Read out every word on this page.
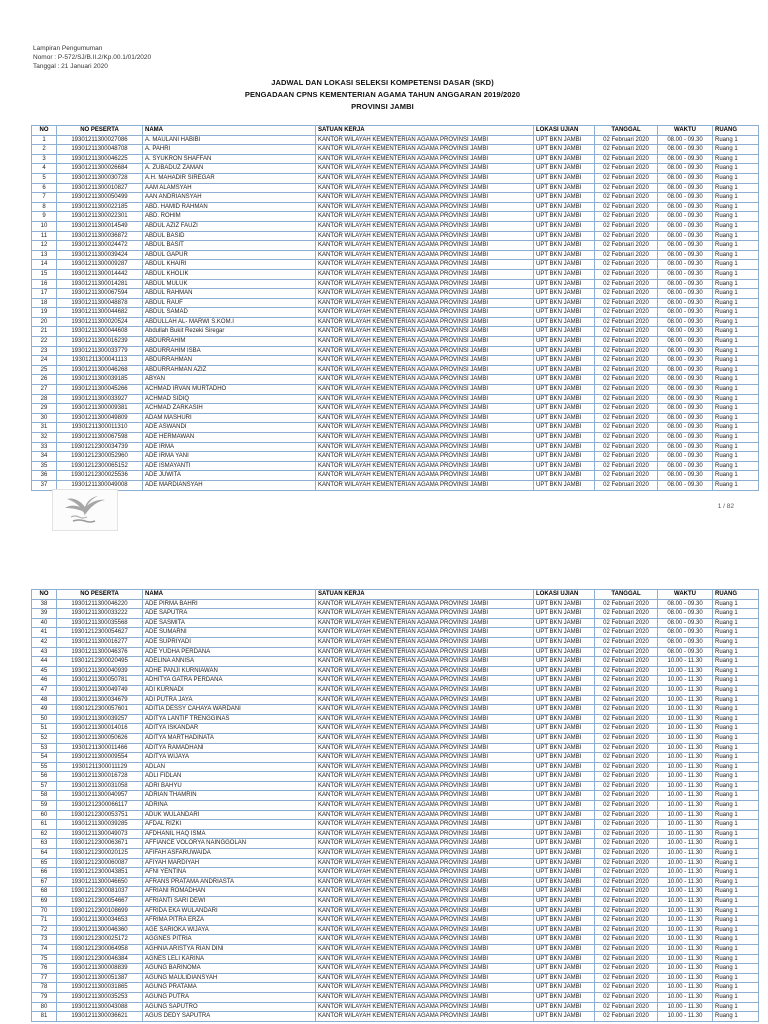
Lampiran Pengumuman
Nomor : P-572/SJ/B.II.2/Kp.00.1/01/2020
Tanggal : 21 Januari 2020
JADWAL DAN LOKASI SELEKSI KOMPETENSI DASAR (SKD)
PENGADAAN CPNS KEMENTERIAN AGAMA TAHUN ANGGARAN 2019/2020
PROVINSI JAMBI
NO	NO PESERTA	NAMA	SATUAN KERJA	LOKASI UJIAN	TANGGAL	WAKTU	RUANG
1	19301211300027086	A. MAULANI HABIBI	KANTOR WILAYAH KEMENTERIAN AGAMA PROVINSI JAMBI	UPT BKN JAMBI	02 Februari 2020	08.00 - 09.30	Ruang 1
2	19301211300048708	A. PAHRI	KANTOR WILAYAH KEMENTERIAN AGAMA PROVINSI JAMBI	UPT BKN JAMBI	02 Februari 2020	08.00 - 09.30	Ruang 1
3	19301211300046225	A. SYUKRON SHAFFAN	KANTOR WILAYAH KEMENTERIAN AGAMA PROVINSI JAMBI	UPT BKN JAMBI	02 Februari 2020	08.00 - 09.30	Ruang 1
4	19301211300026684	A. ZUBADUZ ZAMAN	KANTOR WILAYAH KEMENTERIAN AGAMA PROVINSI JAMBI	UPT BKN JAMBI	02 Februari 2020	08.00 - 09.30	Ruang 1
5	19301211300030728	A.H. MAHADIR SIREGAR	KANTOR WILAYAH KEMENTERIAN AGAMA PROVINSI JAMBI	UPT BKN JAMBI	02 Februari 2020	08.00 - 09.30	Ruang 1
6	19301211300010827	AAM ALAMSYAH	KANTOR WILAYAH KEMENTERIAN AGAMA PROVINSI JAMBI	UPT BKN JAMBI	02 Februari 2020	08.00 - 09.30	Ruang 1
7	19301211300050499	AAN ANDRIANSYAH	KANTOR WILAYAH KEMENTERIAN AGAMA PROVINSI JAMBI	UPT BKN JAMBI	02 Februari 2020	08.00 - 09.30	Ruang 1
8	19301211300022185	ABD. HAMID RAHMAN	KANTOR WILAYAH KEMENTERIAN AGAMA PROVINSI JAMBI	UPT BKN JAMBI	02 Februari 2020	08.00 - 09.30	Ruang 1
9	19301211300022301	ABD. ROHIM	KANTOR WILAYAH KEMENTERIAN AGAMA PROVINSI JAMBI	UPT BKN JAMBI	02 Februari 2020	08.00 - 09.30	Ruang 1
10	19301211300014549	ABDUL AZIZ FAUZI	KANTOR WILAYAH KEMENTERIAN AGAMA PROVINSI JAMBI	UPT BKN JAMBI	02 Februari 2020	08.00 - 09.30	Ruang 1
11	19301211300036872	ABDUL BASID	KANTOR WILAYAH KEMENTERIAN AGAMA PROVINSI JAMBI	UPT BKN JAMBI	02 Februari 2020	08.00 - 09.30	Ruang 1
12	19301211300024472	ABDUL BASIT	KANTOR WILAYAH KEMENTERIAN AGAMA PROVINSI JAMBI	UPT BKN JAMBI	02 Februari 2020	08.00 - 09.30	Ruang 1
13	19301211300039424	ABDUL GAPUR	KANTOR WILAYAH KEMENTERIAN AGAMA PROVINSI JAMBI	UPT BKN JAMBI	02 Februari 2020	08.00 - 09.30	Ruang 1
14	19301211300009287	ABDUL KHAIRI	KANTOR WILAYAH KEMENTERIAN AGAMA PROVINSI JAMBI	UPT BKN JAMBI	02 Februari 2020	08.00 - 09.30	Ruang 1
15	19301211300014442	ABDUL KHOLIK	KANTOR WILAYAH KEMENTERIAN AGAMA PROVINSI JAMBI	UPT BKN JAMBI	02 Februari 2020	08.00 - 09.30	Ruang 1
16	19301211300014281	ABDUL MULUK	KANTOR WILAYAH KEMENTERIAN AGAMA PROVINSI JAMBI	UPT BKN JAMBI	02 Februari 2020	08.00 - 09.30	Ruang 1
17	19301211300067594	ABDUL RAHMAN	KANTOR WILAYAH KEMENTERIAN AGAMA PROVINSI JAMBI	UPT BKN JAMBI	02 Februari 2020	08.00 - 09.30	Ruang 1
18	19301211300048878	ABDUL RAUF	KANTOR WILAYAH KEMENTERIAN AGAMA PROVINSI JAMBI	UPT BKN JAMBI	02 Februari 2020	08.00 - 09.30	Ruang 1
19	19301211300044682	ABDUL SAMAD	KANTOR WILAYAH KEMENTERIAN AGAMA PROVINSI JAMBI	UPT BKN JAMBI	02 Februari 2020	08.00 - 09.30	Ruang 1
20	19301211300020524	ABDULLAH AL- MARWI S.KOM.I	KANTOR WILAYAH KEMENTERIAN AGAMA PROVINSI JAMBI	UPT BKN JAMBI	02 Februari 2020	08.00 - 09.30	Ruang 1
21	19301211300044608	Abdullah Bukit Rezeki Siregar	KANTOR WILAYAH KEMENTERIAN AGAMA PROVINSI JAMBI	UPT BKN JAMBI	02 Februari 2020	08.00 - 09.30	Ruang 1
22	19301211300016239	ABDURRAHIM	KANTOR WILAYAH KEMENTERIAN AGAMA PROVINSI JAMBI	UPT BKN JAMBI	02 Februari 2020	08.00 - 09.30	Ruang 1
23	19301211300033779	ABDURRAHIM ISBA	KANTOR WILAYAH KEMENTERIAN AGAMA PROVINSI JAMBI	UPT BKN JAMBI	02 Februari 2020	08.00 - 09.30	Ruang 1
24	19301211300041113	ABDURRAHMAN	KANTOR WILAYAH KEMENTERIAN AGAMA PROVINSI JAMBI	UPT BKN JAMBI	02 Februari 2020	08.00 - 09.30	Ruang 1
25	19301211300046268	ABDURRAHMAN AZIZ	KANTOR WILAYAH KEMENTERIAN AGAMA PROVINSI JAMBI	UPT BKN JAMBI	02 Februari 2020	08.00 - 09.30	Ruang 1
26	19301211300039185	ABYAN	KANTOR WILAYAH KEMENTERIAN AGAMA PROVINSI JAMBI	UPT BKN JAMBI	02 Februari 2020	08.00 - 09.30	Ruang 1
27	19301211300045266	ACHMAD IRVAN MURTADHO	KANTOR WILAYAH KEMENTERIAN AGAMA PROVINSI JAMBI	UPT BKN JAMBI	02 Februari 2020	08.00 - 09.30	Ruang 1
28	19301211300033927	ACHMAD SIDIQ	KANTOR WILAYAH KEMENTERIAN AGAMA PROVINSI JAMBI	UPT BKN JAMBI	02 Februari 2020	08.00 - 09.30	Ruang 1
29	19301211300009381	ACHMAD ZARKASIH	KANTOR WILAYAH KEMENTERIAN AGAMA PROVINSI JAMBI	UPT BKN JAMBI	02 Februari 2020	08.00 - 09.30	Ruang 1
30	19301211300049809	ADAM MASHURI	KANTOR WILAYAH KEMENTERIAN AGAMA PROVINSI JAMBI	UPT BKN JAMBI	02 Februari 2020	08.00 - 09.30	Ruang 1
31	19301211300011310	ADE ASWANDI	KANTOR WILAYAH KEMENTERIAN AGAMA PROVINSI JAMBI	UPT BKN JAMBI	02 Februari 2020	08.00 - 09.30	Ruang 1
32	19301211300067598	ADE HERMAWAN	KANTOR WILAYAH KEMENTERIAN AGAMA PROVINSI JAMBI	UPT BKN JAMBI	02 Februari 2020	08.00 - 09.30	Ruang 1
33	19301212300034739	ADE IRMA	KANTOR WILAYAH KEMENTERIAN AGAMA PROVINSI JAMBI	UPT BKN JAMBI	02 Februari 2020	08.00 - 09.30	Ruang 1
34	19301212300052960	ADE IRMA YANI	KANTOR WILAYAH KEMENTERIAN AGAMA PROVINSI JAMBI	UPT BKN JAMBI	02 Februari 2020	08.00 - 09.30	Ruang 1
35	19301212300065152	ADE ISMAYANTI	KANTOR WILAYAH KEMENTERIAN AGAMA PROVINSI JAMBI	UPT BKN JAMBI	02 Februari 2020	08.00 - 09.30	Ruang 1
36	19301212300025536	ADE JUWITA	KANTOR WILAYAH KEMENTERIAN AGAMA PROVINSI JAMBI	UPT BKN JAMBI	02 Februari 2020	08.00 - 09.30	Ruang 1
37	19301211300049008	ADE MARDIANSYAH	KANTOR WILAYAH KEMENTERIAN AGAMA PROVINSI JAMBI	UPT BKN JAMBI	02 Februari 2020	08.00 - 09.30	Ruang 1
1 / 82
NO	NO PESERTA	NAMA	SATUAN KERJA	LOKASI UJIAN	TANGGAL	WAKTU	RUANG
38	19301211300046220	ADE PIRMA BAHRI	KANTOR WILAYAH KEMENTERIAN AGAMA PROVINSI JAMBI	UPT BKN JAMBI	02 Februari 2020	08.00 - 09.30	Ruang 1
39	19301211300033222	ADE SAPUTRA	KANTOR WILAYAH KEMENTERIAN AGAMA PROVINSI JAMBI	UPT BKN JAMBI	02 Februari 2020	08.00 - 09.30	Ruang 1
40	19301211300035568	ADE SASMITA	KANTOR WILAYAH KEMENTERIAN AGAMA PROVINSI JAMBI	UPT BKN JAMBI	02 Februari 2020	08.00 - 09.30	Ruang 1
41	19301212300054627	ADE SUMARNI	KANTOR WILAYAH KEMENTERIAN AGAMA PROVINSI JAMBI	UPT BKN JAMBI	02 Februari 2020	08.00 - 09.30	Ruang 1
42	19301211300016277	ADE SUPRIYADI	KANTOR WILAYAH KEMENTERIAN AGAMA PROVINSI JAMBI	UPT BKN JAMBI	02 Februari 2020	08.00 - 09.30	Ruang 1
43	19301211300046376	ADE YUDHA PERDANA	KANTOR WILAYAH KEMENTERIAN AGAMA PROVINSI JAMBI	UPT BKN JAMBI	02 Februari 2020	08.00 - 09.30	Ruang 1
44	19301212300020495	ADELINA ANNISA	KANTOR WILAYAH KEMENTERIAN AGAMA PROVINSI JAMBI	UPT BKN JAMBI	02 Februari 2020	10.00 - 11.30	Ruang 1
45	19301211300040939	ADHE PANJI KURNIAWAN	KANTOR WILAYAH KEMENTERIAN AGAMA PROVINSI JAMBI	UPT BKN JAMBI	02 Februari 2020	10.00 - 11.30	Ruang 1
46	19301211300050781	ADHITYA GATRA PERDANA	KANTOR WILAYAH KEMENTERIAN AGAMA PROVINSI JAMBI	UPT BKN JAMBI	02 Februari 2020	10.00 - 11.30	Ruang 1
47	19301211300049749	ADI KURNADI	KANTOR WILAYAH KEMENTERIAN AGAMA PROVINSI JAMBI	UPT BKN JAMBI	02 Februari 2020	10.00 - 11.30	Ruang 1
48	19301211300034679	ADI PUTRA JAYA	KANTOR WILAYAH KEMENTERIAN AGAMA PROVINSI JAMBI	UPT BKN JAMBI	02 Februari 2020	10.00 - 11.30	Ruang 1
49	19301212300057601	ADITIA DESSY CAHAYA WARDANI	KANTOR WILAYAH KEMENTERIAN AGAMA PROVINSI JAMBI	UPT BKN JAMBI	02 Februari 2020	10.00 - 11.30	Ruang 1
50	19301211300039257	ADITYA LANTIF TRENGGINAS	KANTOR WILAYAH KEMENTERIAN AGAMA PROVINSI JAMBI	UPT BKN JAMBI	02 Februari 2020	10.00 - 11.30	Ruang 1
51	19301211300014016	ADITYA ISKANDAR	KANTOR WILAYAH KEMENTERIAN AGAMA PROVINSI JAMBI	UPT BKN JAMBI	02 Februari 2020	10.00 - 11.30	Ruang 1
52	19301211300050626	ADITYA MARTHADINATA	KANTOR WILAYAH KEMENTERIAN AGAMA PROVINSI JAMBI	UPT BKN JAMBI	02 Februari 2020	10.00 - 11.30	Ruang 1
53	19301211300011466	ADITYA RAMADHANI	KANTOR WILAYAH KEMENTERIAN AGAMA PROVINSI JAMBI	UPT BKN JAMBI	02 Februari 2020	10.00 - 11.30	Ruang 1
54	19301211300009554	ADITYA WIJAYA	KANTOR WILAYAH KEMENTERIAN AGAMA PROVINSI JAMBI	UPT BKN JAMBI	02 Februari 2020	10.00 - 11.30	Ruang 1
55	19301211300011129	ADLAN	KANTOR WILAYAH KEMENTERIAN AGAMA PROVINSI JAMBI	UPT BKN JAMBI	02 Februari 2020	10.00 - 11.30	Ruang 1
56	19301211300016728	ADLI FIDLAN	KANTOR WILAYAH KEMENTERIAN AGAMA PROVINSI JAMBI	UPT BKN JAMBI	02 Februari 2020	10.00 - 11.30	Ruang 1
57	19301211300031058	ADRI BAHYU	KANTOR WILAYAH KEMENTERIAN AGAMA PROVINSI JAMBI	UPT BKN JAMBI	02 Februari 2020	10.00 - 11.30	Ruang 1
58	19301211300040957	ADRIAN THAMRIN	KANTOR WILAYAH KEMENTERIAN AGAMA PROVINSI JAMBI	UPT BKN JAMBI	02 Februari 2020	10.00 - 11.30	Ruang 1
59	19301212300066117	ADRINA	KANTOR WILAYAH KEMENTERIAN AGAMA PROVINSI JAMBI	UPT BKN JAMBI	02 Februari 2020	10.00 - 11.30	Ruang 1
60	19301212300053751	ADUK WULANDARI	KANTOR WILAYAH KEMENTERIAN AGAMA PROVINSI JAMBI	UPT BKN JAMBI	02 Februari 2020	10.00 - 11.30	Ruang 1
61	19301211300039285	AFDAL RIZKI	KANTOR WILAYAH KEMENTERIAN AGAMA PROVINSI JAMBI	UPT BKN JAMBI	02 Februari 2020	10.00 - 11.30	Ruang 1
62	19301211300049073	AFDHANIL HAQ ISMA	KANTOR WILAYAH KEMENTERIAN AGAMA PROVINSI JAMBI	UPT BKN JAMBI	02 Februari 2020	10.00 - 11.30	Ruang 1
63	19301212300063671	AFFIANCE VOLORYA NAINGGOLAN	KANTOR WILAYAH KEMENTERIAN AGAMA PROVINSI JAMBI	UPT BKN JAMBI	02 Februari 2020	10.00 - 11.30	Ruang 1
64	19301212300020125	AFIFAH ASFARUWAIDA	KANTOR WILAYAH KEMENTERIAN AGAMA PROVINSI JAMBI	UPT BKN JAMBI	02 Februari 2020	10.00 - 11.30	Ruang 1
65	19301212300060087	AFIYAH MARDIYAH	KANTOR WILAYAH KEMENTERIAN AGAMA PROVINSI JAMBI	UPT BKN JAMBI	02 Februari 2020	10.00 - 11.30	Ruang 1
66	19301212300043851	AFNI YENTINA	KANTOR WILAYAH KEMENTERIAN AGAMA PROVINSI JAMBI	UPT BKN JAMBI	02 Februari 2020	10.00 - 11.30	Ruang 1
67	19301211300046650	AFRANS PRATAMA ANDRIASTA	KANTOR WILAYAH KEMENTERIAN AGAMA PROVINSI JAMBI	UPT BKN JAMBI	02 Februari 2020	10.00 - 11.30	Ruang 1
68	19301212300081037	AFRIANI ROMADHAN	KANTOR WILAYAH KEMENTERIAN AGAMA PROVINSI JAMBI	UPT BKN JAMBI	02 Februari 2020	10.00 - 11.30	Ruang 1
69	19301212300054667	AFRIANTI SARI DEWI	KANTOR WILAYAH KEMENTERIAN AGAMA PROVINSI JAMBI	UPT BKN JAMBI	02 Februari 2020	10.00 - 11.30	Ruang 1
70	19301212300108699	AFRIDA EKA WULANDARI	KANTOR WILAYAH KEMENTERIAN AGAMA PROVINSI JAMBI	UPT BKN JAMBI	02 Februari 2020	10.00 - 11.30	Ruang 1
71	19301211300034653	AFRIMA PITRA ERZA	KANTOR WILAYAH KEMENTERIAN AGAMA PROVINSI JAMBI	UPT BKN JAMBI	02 Februari 2020	10.00 - 11.30	Ruang 1
72	19301211300046360	AGE SARIOKA WIJAYA	KANTOR WILAYAH KEMENTERIAN AGAMA PROVINSI JAMBI	UPT BKN JAMBI	02 Februari 2020	10.00 - 11.30	Ruang 1
73	19301212300025172	AGGNES PITRIA	KANTOR WILAYAH KEMENTERIAN AGAMA PROVINSI JAMBI	UPT BKN JAMBI	02 Februari 2020	10.00 - 11.30	Ruang 1
74	19301212300064958	AGHNIA ARISTYA RIAN DINI	KANTOR WILAYAH KEMENTERIAN AGAMA PROVINSI JAMBI	UPT BKN JAMBI	02 Februari 2020	10.00 - 11.30	Ruang 1
75	19301212300046384	AGNES LELI KARINA	KANTOR WILAYAH KEMENTERIAN AGAMA PROVINSI JAMBI	UPT BKN JAMBI	02 Februari 2020	10.00 - 11.30	Ruang 1
76	19301211300008839	AGUNG BARINOMA	KANTOR WILAYAH KEMENTERIAN AGAMA PROVINSI JAMBI	UPT BKN JAMBI	02 Februari 2020	10.00 - 11.30	Ruang 1
77	19301211300051387	AGUNG MAULIDIANSYAH	KANTOR WILAYAH KEMENTERIAN AGAMA PROVINSI JAMBI	UPT BKN JAMBI	02 Februari 2020	10.00 - 11.30	Ruang 1
78	19301211300031865	AGUNG PRATAMA	KANTOR WILAYAH KEMENTERIAN AGAMA PROVINSI JAMBI	UPT BKN JAMBI	02 Februari 2020	10.00 - 11.30	Ruang 1
79	19301211300035253	AGUNG PUTRA	KANTOR WILAYAH KEMENTERIAN AGAMA PROVINSI JAMBI	UPT BKN JAMBI	02 Februari 2020	10.00 - 11.30	Ruang 1
80	19301211300043088	AGUNG SAPUTRO	KANTOR WILAYAH KEMENTERIAN AGAMA PROVINSI JAMBI	UPT BKN JAMBI	02 Februari 2020	10.00 - 11.30	Ruang 1
81	19301211300036621	AGUS DEDY SAPUTRA	KANTOR WILAYAH KEMENTERIAN AGAMA PROVINSI JAMBI	UPT BKN JAMBI	02 Februari 2020	10.00 - 11.30	Ruang 1
